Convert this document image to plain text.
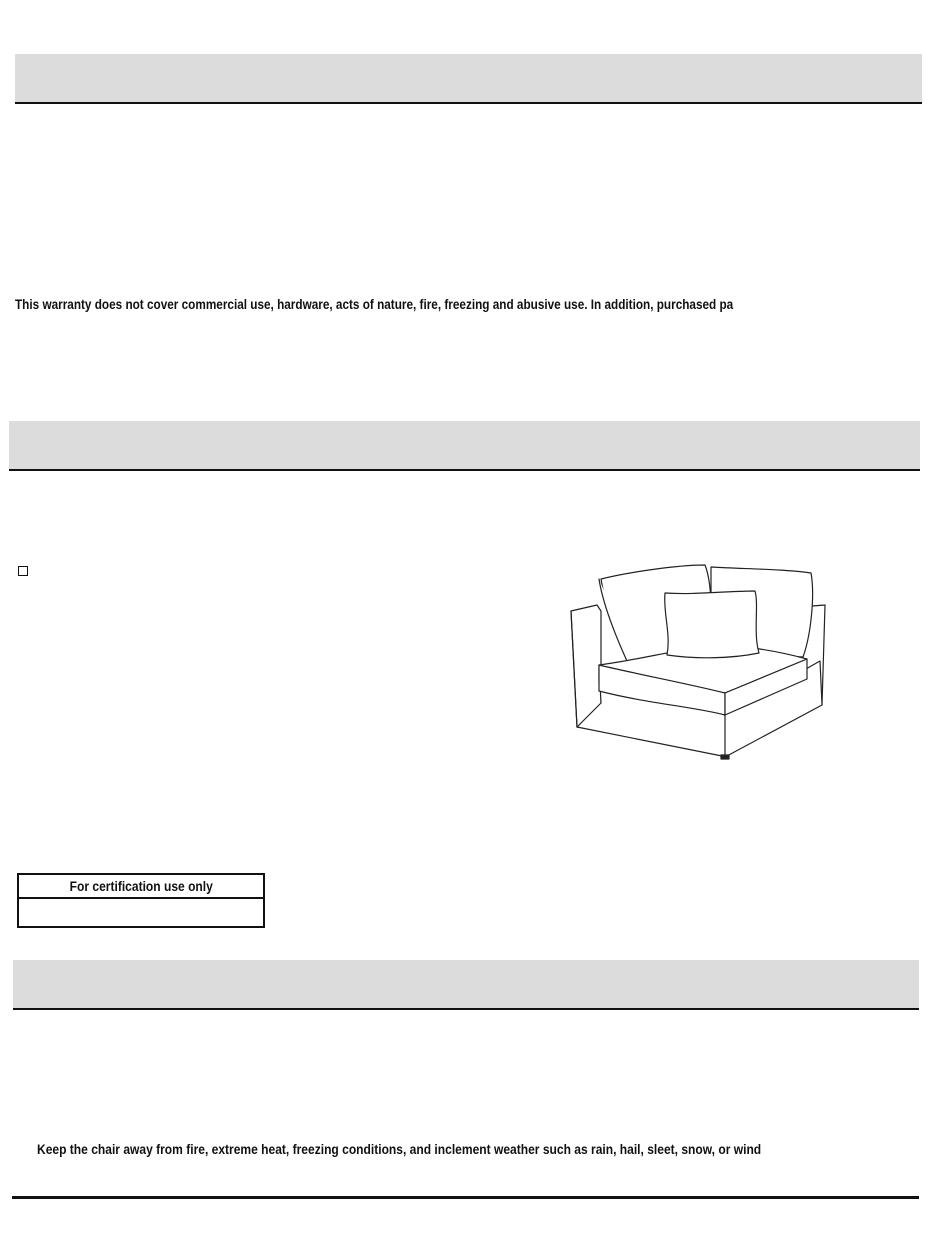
This warranty does not cover commercial use, hardware, acts of nature, fire, freezing and abusive use. In addition, purchased pa
For certification use only
Keep the chair away from fire, extreme heat, freezing conditions, and inclement weather such as rain, hail, sleet, snow, or wind
